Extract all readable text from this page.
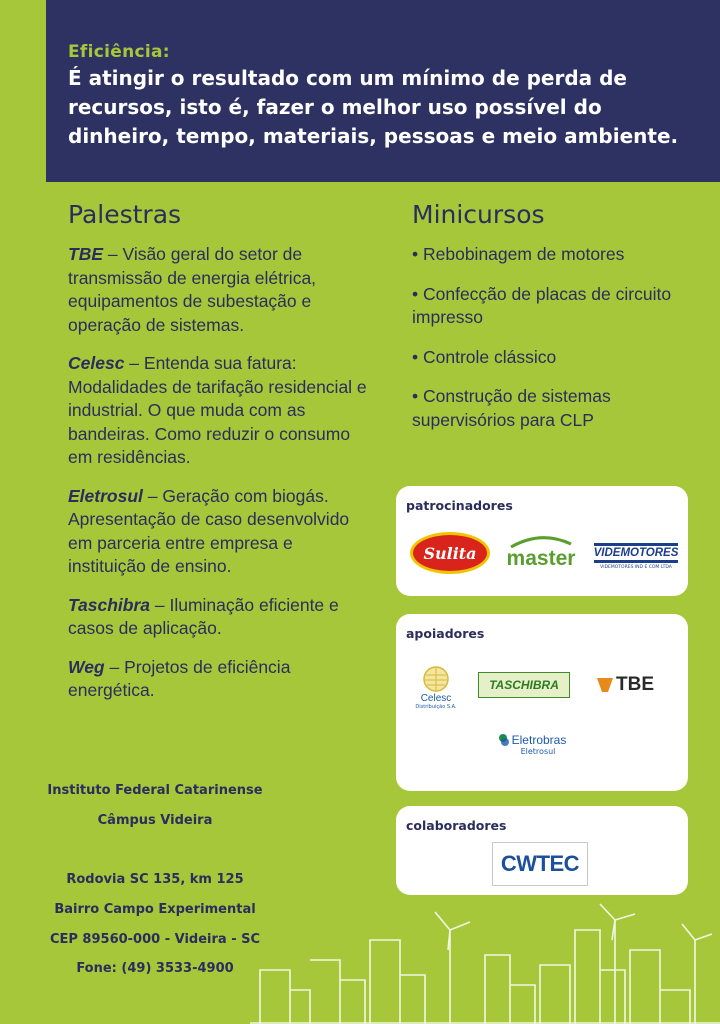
Eficiência:
É atingir o resultado com um mínimo de perda de recursos, isto é, fazer o melhor uso possível do dinheiro, tempo, materiais, pessoas e meio ambiente.
Palestras
TBE – Visão geral do setor de transmissão de energia elétrica, equipamentos de subestação e operação de sistemas.
Celesc – Entenda sua fatura: Modalidades de tarifação residencial e industrial. O que muda com as bandeiras. Como reduzir o consumo em residências.
Eletrosul – Geração com biogás. Apresentação de caso desenvolvido em parceria entre empresa e instituição de ensino.
Taschibra – Iluminação eficiente e casos de aplicação.
Weg – Projetos de eficiência energética.
Minicursos
• Rebobinagem de motores
• Confecção de placas de circuito impresso
• Controle clássico
• Construção de sistemas supervisórios para CLP
Instituto Federal Catarinense
Câmpus Videira
Rodovia SC 135, km 125
Bairro Campo Experimental
CEP 89560-000 - Videira - SC
Fone: (49) 3533-4900
patrocinadores
Sulita master VIDEMOTORES
VIDEMOTORES IND E COM LTDA
apoiadores
Celesc
Distribuição S.A.
TASCHIBRA	TBE
Eletrobras
Eletrosul
colaboradores
CWTEC
